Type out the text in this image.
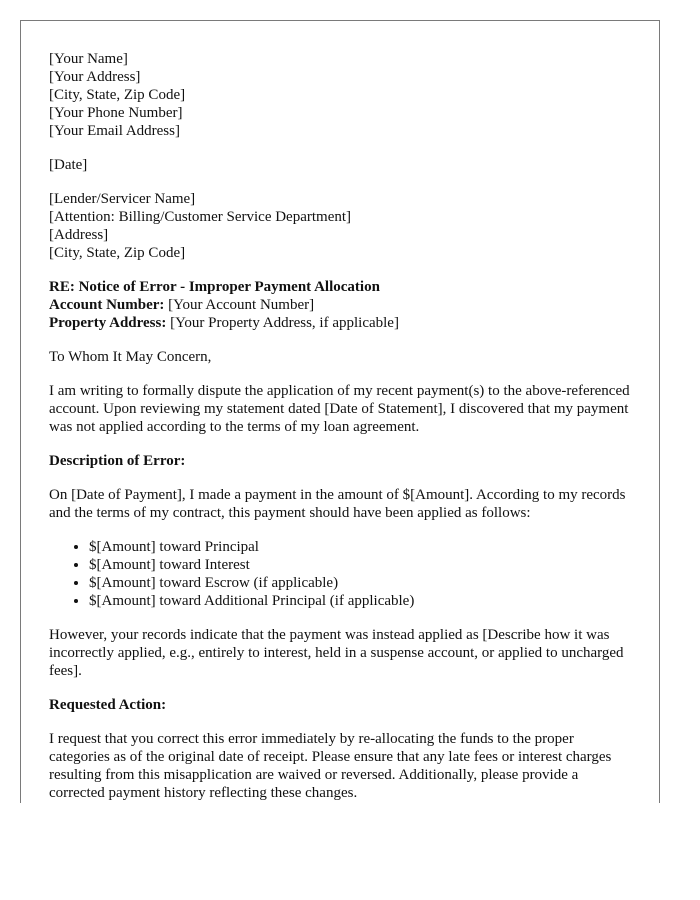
[Your Name]
[Your Address]
[City, State, Zip Code]
[Your Phone Number]
[Your Email Address]
[Date]
[Lender/Servicer Name]
[Attention: Billing/Customer Service Department]
[Address]
[City, State, Zip Code]
RE: Notice of Error - Improper Payment Allocation
Account Number: [Your Account Number]
Property Address: [Your Property Address, if applicable]

To Whom It May Concern,

I am writing to formally dispute the application of my recent payment(s) to the above-referenced account. Upon reviewing my statement dated [Date of Statement], I discovered that my payment was not applied according to the terms of my loan agreement.

Description of Error:

On [Date of Payment], I made a payment in the amount of $[Amount]. According to my records and the terms of my contract, this payment should have been applied as follows:

• $[Amount] toward Principal
• $[Amount] toward Interest
• $[Amount] toward Escrow (if applicable)
• $[Amount] toward Additional Principal (if applicable)

However, your records indicate that the payment was instead applied as [Describe how it was incorrectly applied, e.g., entirely to interest, held in a suspense account, or applied to uncharged fees].

Requested Action:

I request that you correct this error immediately by re-allocating the funds to the proper categories as of the original date of receipt. Please ensure that any late fees or interest charges resulting from this misapplication are waived or reversed. Additionally, please provide a corrected payment history reflecting these changes.
